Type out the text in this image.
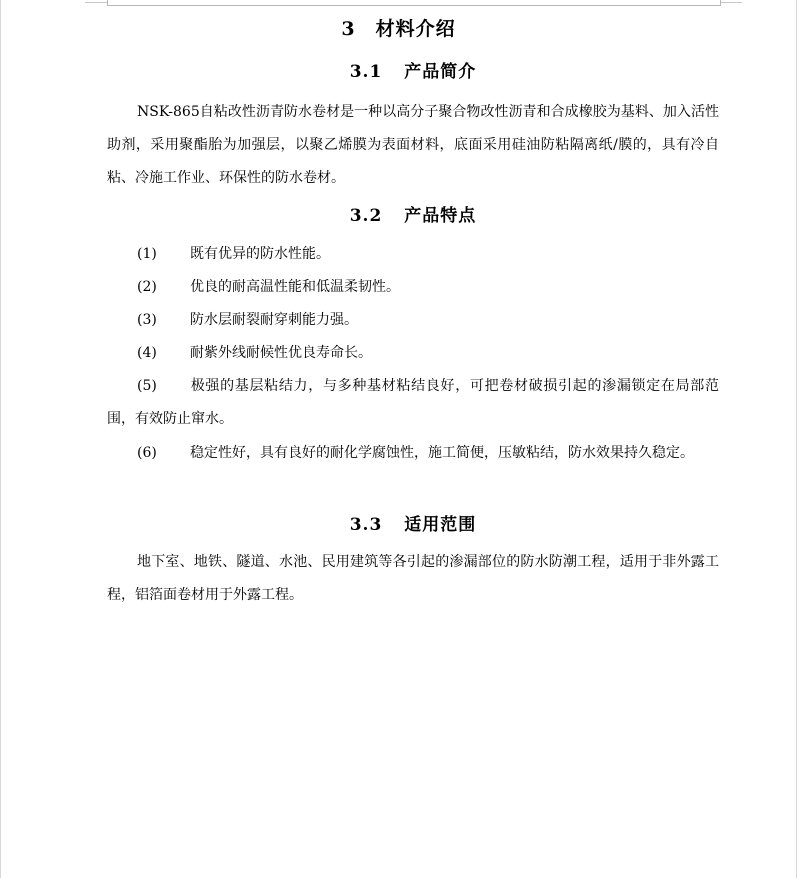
3　材料介绍
3.1 产品简介

NSK-865自粘改性沥青防水卷材是一种以高分子聚合物改性沥青和合成橡胶为基料、加入活性助剂，采用聚酯胎为加强层，以聚乙烯膜为表面材料，底面采用硅油防粘隔离纸/膜的，具有冷自粘、冷施工作业、环保性的防水卷材。

3.2 产品特点

(1) 既有优异的防水性能。

(2) 优良的耐高温性能和低温柔韧性。

(3) 防水层耐裂耐穿刺能力强。

(4) 耐紫外线耐候性优良寿命长。

(5) 极强的基层粘结力，与多种基材粘结良好，可把卷材破损引起的渗漏锁定在局部范围，有效防止窜水。

(6) 稳定性好，具有良好的耐化学腐蚀性，施工简便，压敏粘结，防水效果持久稳定。

3.3 适用范围

地下室、地铁、隧道、水池、民用建筑等各引起的渗漏部位的防水防潮工程，适用于非外露工程，铝箔面卷材用于外露工程。
